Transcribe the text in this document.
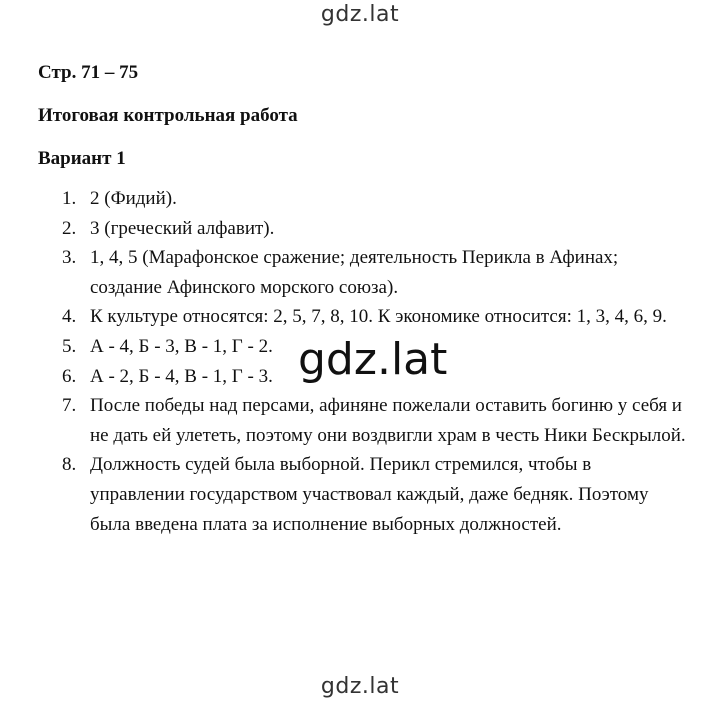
gdz.lat
Стр. 71 – 75
Итоговая контрольная работа
Вариант 1
1. 2 (Фидий).
2. 3 (греческий алфавит).
3. 1, 4, 5 (Марафонское сражение; деятельность Перикла в Афинах; создание Афинского морского союза).
4. К культуре относятся: 2, 5, 7, 8, 10. К экономике относится: 1, 3, 4, 6, 9.
5. А - 4, Б - 3, В - 1, Г - 2.
6. А - 2, Б - 4, В - 1, Г - 3.
7. После победы над персами, афиняне пожелали оставить богиню у себя и не дать ей улететь, поэтому они воздвигли храм в честь Ники Бескрылой.
8. Должность судей была выборной. Перикл стремился, чтобы в управлении государством участвовал каждый, даже бедняк. Поэтому была введена плата за исполнение выборных должностей.
gdz.lat
gdz.lat
